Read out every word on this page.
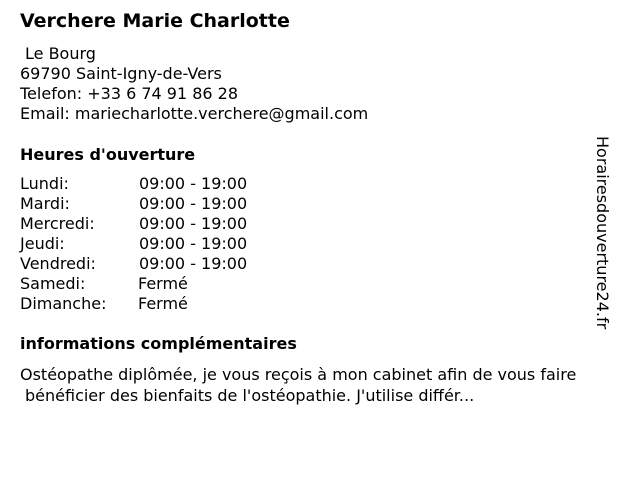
Verchere Marie Charlotte
Le Bourg
69790 Saint-Igny-de-Vers
Telefon: +33 6 74 91 86 28
Email: mariecharlotte.verchere@gmail.com
Heures d'ouverture
Lundi:	09:00 - 19:00
Mardi:	09:00 - 19:00
Mercredi:	09:00 - 19:00
Jeudi:	09:00 - 19:00
Vendredi:	09:00 - 19:00
Samedi:	Fermé
Dimanche: Fermé
informations complémentaires
Ostéopathe diplômée, je vous reçois à mon cabinet afin de vous faire
bénéficier des bienfaits de l'ostéopathie. J'utilise différ...
Horairesdouverture24.fr
